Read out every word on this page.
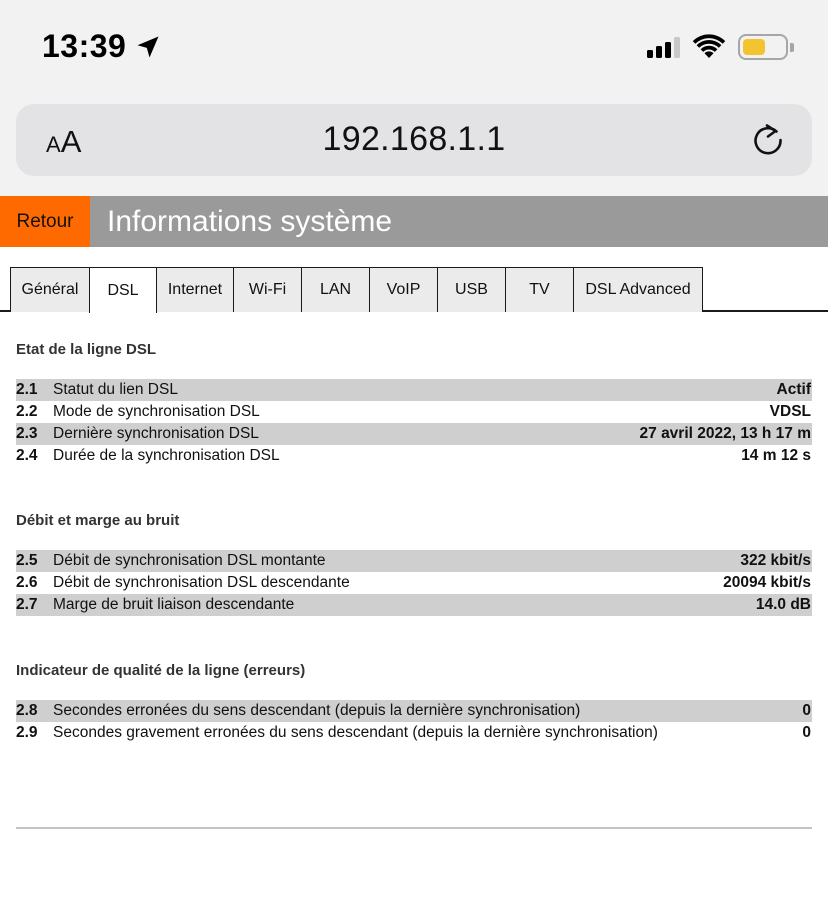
13:39
A A	192.168.1.1
Retour	Informations système
Général	DSL	Internet	Wi-Fi	LAN	VoIP	USB	TV	DSL Advanced
Etat de la ligne DSL
2.1 Statut du lien DSL	Actif
2.2 Mode de synchronisation DSL	VDSL
2.3 Dernière synchronisation DSL	27 avril 2022, 13 h 17 m
2.4 Durée de la synchronisation DSL	14 m 12 s
Débit et marge au bruit
2.5 Débit de synchronisation DSL montante	322 kbit/s
2.6 Débit de synchronisation DSL descendante	20094 kbit/s
2.7 Marge de bruit liaison descendante	14.0 dB
Indicateur de qualité de la ligne (erreurs)
2.8 Secondes erronées du sens descendant (depuis la dernière synchronisation)	0
2.9 Secondes gravement erronées du sens descendant (depuis la dernière synchronisation)	0
